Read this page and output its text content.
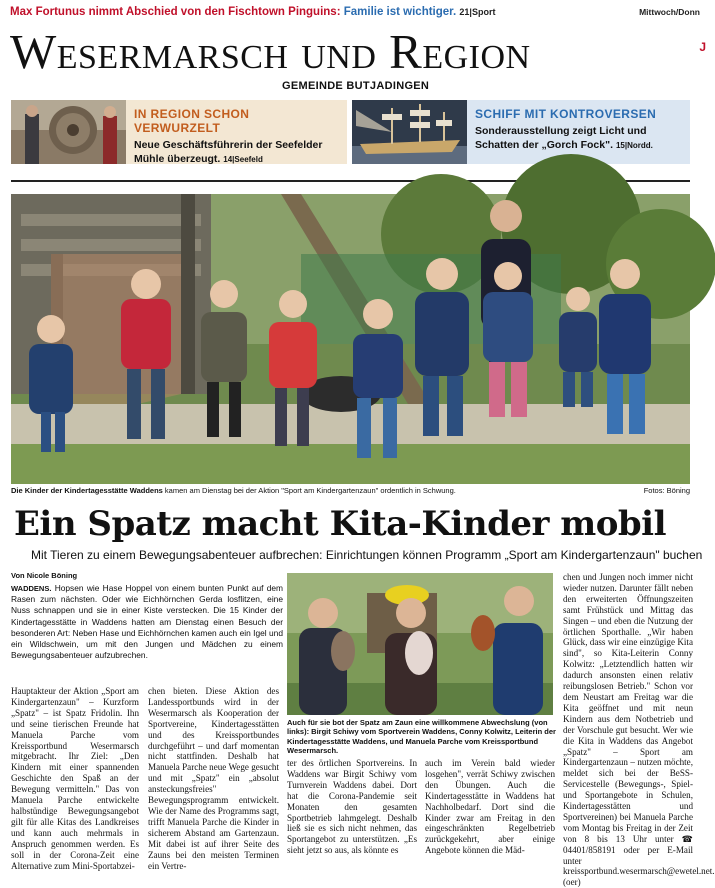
Max Fortunus nimmt Abschied von den Fischtown Pinguins: Familie ist wichtiger. 21|Sport	Mittwoch/Donn
Wesermarsch und Region	J
GEMEINDE BUTJADINGEN
IN REGION SCHON VERWURZELT
Neue Geschäftsführerin der Seefelder Mühle überzeugt. 14|Seefeld
SCHIFF MIT KONTROVERSEN
Sonderausstellung zeigt Licht und Schatten der „Gorch Fock". 15|Nordd.
Die Kinder der Kindertagesstätte Waddens kamen am Dienstag bei der Aktion "Sport am Kindergartenzaun" ordentlich in Schwung.	Fotos: Böning
Ein Spatz macht Kita-Kinder mobil
Mit Tieren zu einem Bewegungsabenteuer aufbrechen: Einrichtungen können Programm „Sport am Kindergartenzaun" buchen
Von Nicole Böning
WADDENS. Hopsen wie Hase Hoppel von einem bunten Punkt auf dem Rasen zum nächsten. Oder wie Eichhörnchen Gerda losflitzen, eine Nuss schnappen und sie in einer Kiste verstecken. Die 15 Kinder der Kindertagesstätte in Waddens hatten am Dienstag einen Besuch der besonderen Art: Neben Hase und Eichhörnchen kamen auch ein Igel und ein Wildschwein, um mit den Jungen und Mädchen zu einem Bewegungsabenteuer aufzubrechen.
Hauptakteur der Aktion „Sport am Kindergartenzaun" – Kurzform „Spatz" – ist Spatz Fridolin. Ihn und seine tierischen Freunde hat Manuela Parche vom Kreissportbund Wesermarsch mitgebracht. Ihr Ziel: „Den Kindern mit einer spannenden Geschichte den Spaß an der Bewegung vermitteln." Das von Manuela Parche entwickelte halbstündige Bewegungsangebot gilt für alle Kitas des Landkreises und kann auch mehrmals in Anspruch genommen werden. Es soll in der Corona-Zeit eine Alternative zum Mini-Sportabzei-
chen bieten. Diese Aktion des Landessportbunds wird in der Wesermarsch als Kooperation der Sportvereine, Kindertagesstätten und des Kreissportbundes durchgeführt – und darf momentan nicht stattfinden. Deshalb hat Manuela Parche neue Wege gesucht und mit „Spatz" ein „absolut ansteckungsfreies" Bewegungsprogramm entwickelt. Wie der Name des Programms sagt, trifft Manuela Parche die Kinder in sicherem Abstand am Gartenzaun. Mit dabei ist auf ihrer Seite des Zauns bei den meisten Terminen ein Vertre-
Auch für sie bot der Spatz am Zaun eine willkommene Abwechslung (von links): Birgit Schiwy vom Sportverein Waddens, Conny Kolwitz, Leiterin der Kindertagesstätte Waddens, und Manuela Parche vom Kreissportbund Wesermarsch.
ter des örtlichen Sportvereins. In Waddens war Birgit Schiwy vom Turnverein Waddens dabei. Dort hat die Corona-Pandemie seit Monaten den gesamten Sportbetrieb lahmgelegt. Deshalb ließ sie es sich nicht nehmen, das Sportangebot zu unterstützen. „Es sieht jetzt so aus, als könnte es
auch im Verein bald wieder losgehen", verrät Schiwy zwischen den Übungen. Auch die Kindertagesstätte in Waddens hat Nachholbedarf. Dort sind die Kinder zwar am Freitag in den eingeschränkten Regelbetrieb zurückgekehrt, aber einige Angebote können die Mäd-
chen und Jungen noch immer nicht wieder nutzen. Darunter fällt neben den erweiterten Öffnungszeiten samt Frühstück und Mittag das Singen – und eben die Nutzung der örtlichen Sporthalle. „Wir haben Glück, dass wir eine einzügige Kita sind", so Kita-Leiterin Conny Kolwitz: „Letztendlich hatten wir dadurch ansonsten einen relativ reibungslosen Betrieb." Schon vor dem Neustart am Freitag war die Kita geöffnet und mit neun Kindern aus dem Notbetrieb und der Vorschule gut besucht. Wer wie die Kita in Waddens das Angebot „Spatz" – Sport am Kindergartenzaun – nutzen möchte, meldet sich bei der BeSS-Servicestelle (Bewegungs-, Spiel- und Sportangebote in Schulen, Kindertagesstätten und Sportvereinen) bei Manuela Parche vom Montag bis Freitag in der Zeit von 8 bis 13 Uhr unter ☎ 04401/858191 oder per E-Mail unter kreissportbund.wesermarsch@ewetel.net. (oer)
